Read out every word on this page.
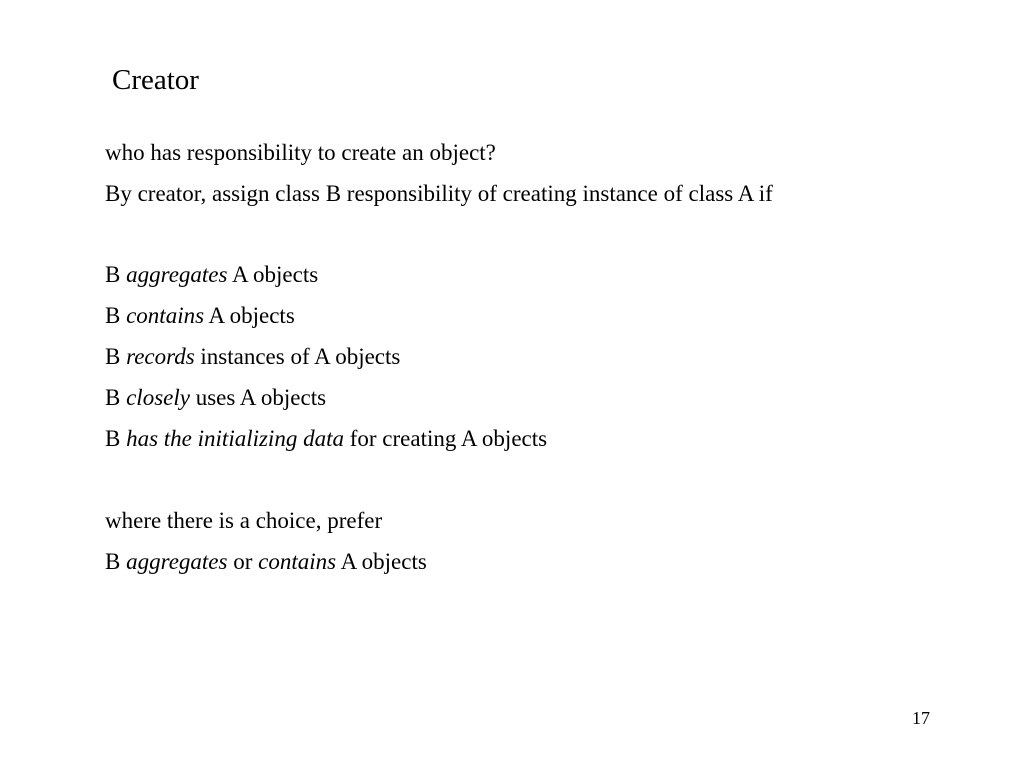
Creator
who has responsibility to create an object?
By creator, assign class B responsibility of creating instance of class A if
B aggregates A objects
B contains A objects
B records instances of A objects
B closely uses A objects
B has the initializing data for creating A objects
where there is a choice, prefer
B aggregates or contains A objects
17
